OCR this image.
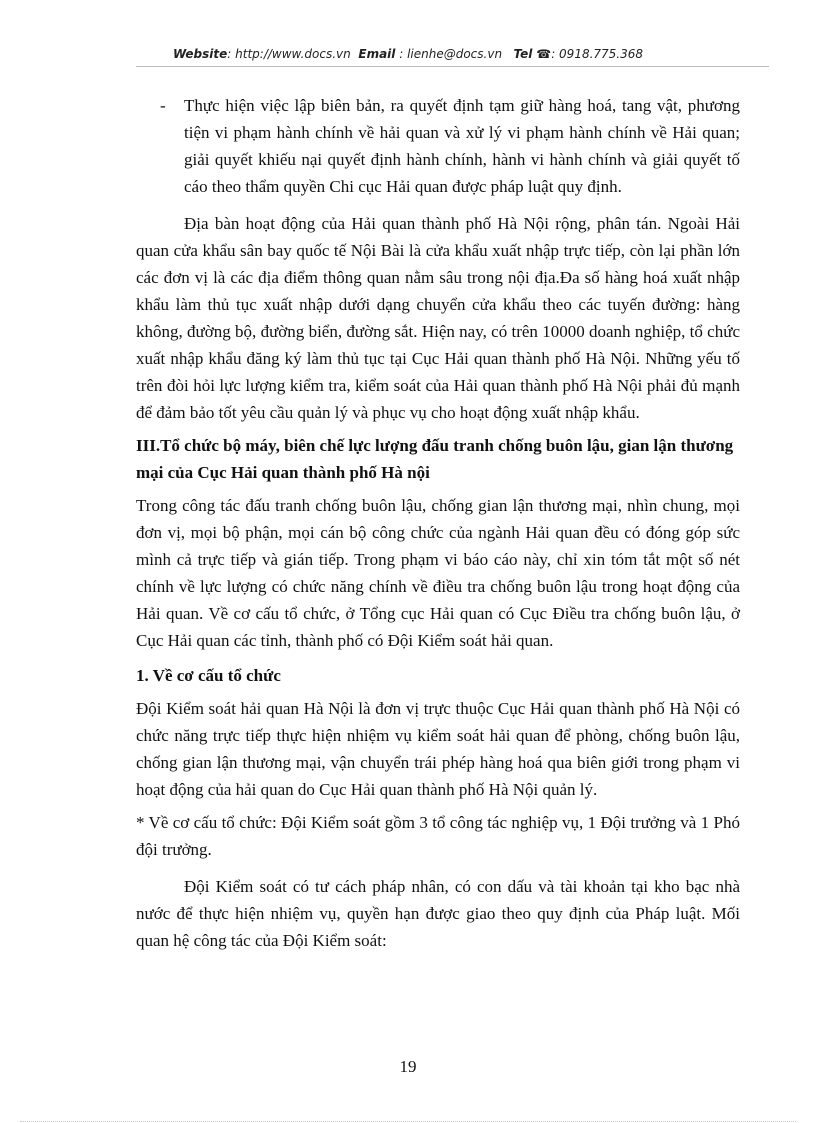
Website: http://www.docs.vn Email : lienhe@docs.vn Tel ☎: 0918.775.368
-	Thực hiện việc lập biên bản, ra quyết định tạm giữ hàng hoá, tang vật, phương tiện vi phạm hành chính về hải quan và xử lý vi phạm hành chính về Hải quan; giải quyết khiếu nại quyết định hành chính, hành vi hành chính và giải quyết tố cáo theo thẩm quyền Chi cục Hải quan được pháp luật quy định.

Địa bàn hoạt động của Hải quan thành phố Hà Nội rộng, phân tán. Ngoài Hải quan cửa khẩu sân bay quốc tế Nội Bài là cửa khẩu xuất nhập trực tiếp, còn lại phần lớn các đơn vị là các địa điểm thông quan nằm sâu trong nội địa.Đa số hàng hoá xuất nhập khẩu làm thủ tục xuất nhập dưới dạng chuyển cửa khẩu theo các tuyến đường: hàng không, đường bộ, đường biển, đường sắt. Hiện nay, có trên 10000 doanh nghiệp, tổ chức xuất nhập khẩu đăng ký làm thủ tục tại Cục Hải quan thành phố Hà Nội. Những yếu tố trên đòi hỏi lực lượng kiểm tra, kiểm soát của Hải quan thành phố Hà Nội phải đủ mạnh để đảm bảo tốt yêu cầu quản lý và phục vụ cho hoạt động xuất nhập khẩu.

III.Tổ chức bộ máy, biên chế lực lượng đấu tranh chống buôn lậu, gian lận thương mại của Cục Hải quan thành phố Hà nội

Trong công tác đấu tranh chống buôn lậu, chống gian lận thương mại, nhìn chung, mọi đơn vị, mọi bộ phận, mọi cán bộ công chức của ngành Hải quan đều có đóng góp sức mình cả trực tiếp và gián tiếp. Trong phạm vi báo cáo này, chỉ xin tóm tắt một số nét chính về lực lượng có chức năng chính về điều tra chống buôn lậu trong hoạt động của Hải quan. Về cơ cấu tổ chức, ở Tổng cục Hải quan có Cục Điều tra chống buôn lậu, ở Cục Hải quan các tỉnh, thành phố có Đội Kiểm soát hải quan.

1. Về cơ cấu tổ chức

Đội Kiểm soát hải quan Hà Nội là đơn vị trực thuộc Cục Hải quan thành phố Hà Nội có chức năng trực tiếp thực hiện nhiệm vụ kiểm soát hải quan để phòng, chống buôn lậu, chống gian lận thương mại, vận chuyển trái phép hàng hoá qua biên giới trong phạm vi hoạt động của hải quan do Cục Hải quan thành phố Hà Nội quản lý.

* Về cơ cấu tổ chức: Đội Kiểm soát gồm 3 tổ công tác nghiệp vụ, 1 Đội trưởng và 1 Phó đội trưởng.

Đội Kiểm soát có tư cách pháp nhân, có con dấu và tài khoản tại kho bạc nhà nước để thực hiện nhiệm vụ, quyền hạn được giao theo quy định của Pháp luật. Mối quan hệ công tác của Đội Kiểm soát:

19
